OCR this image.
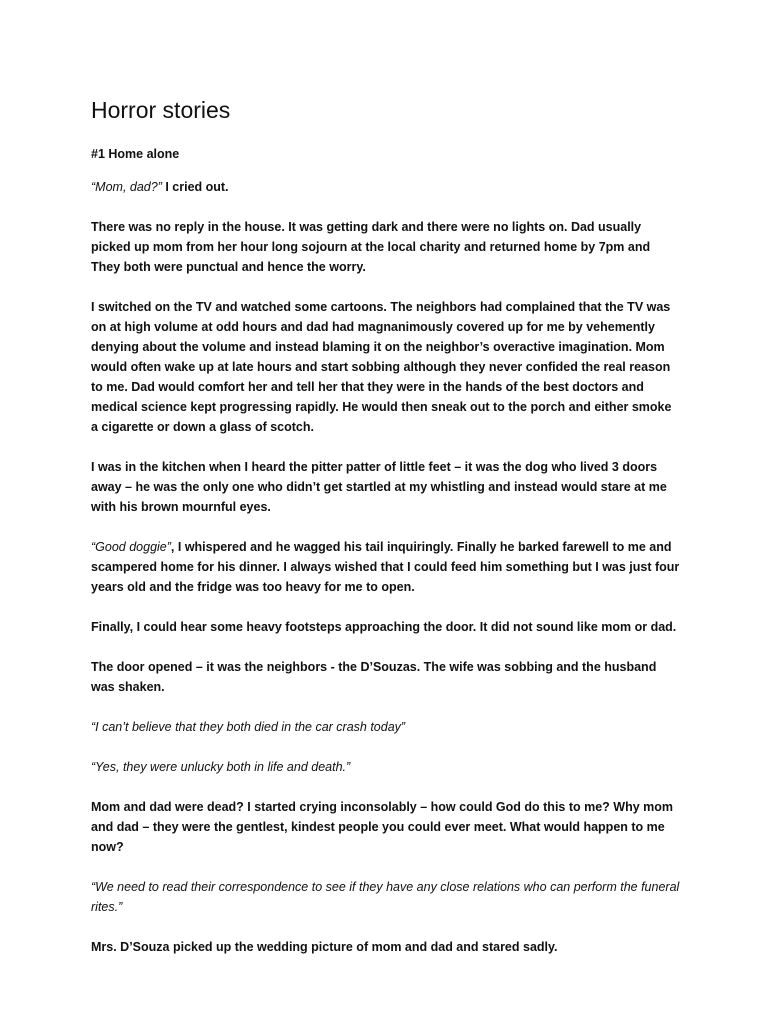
Horror stories
#1 Home alone

“Mom, dad?” I cried out.

There was no reply in the house. It was getting dark and there were no lights on. Dad usually picked up mom from her hour long sojourn at the local charity and returned home by 7pm and They both were punctual and hence the worry.

I switched on the TV and watched some cartoons. The neighbors had complained that the TV was on at high volume at odd hours and dad had magnanimously covered up for me by vehemently denying about the volume and instead blaming it on the neighbor’s overactive imagination. Mom would often wake up at late hours and start sobbing although they never confided the real reason to me. Dad would comfort her and tell her that they were in the hands of the best doctors and medical science kept progressing rapidly. He would then sneak out to the porch and either smoke a cigarette or down a glass of scotch.

I was in the kitchen when I heard the pitter patter of little feet – it was the dog who lived 3 doors away – he was the only one who didn’t get startled at my whistling and instead would stare at me with his brown mournful eyes.

“Good doggie”, I whispered and he wagged his tail inquiringly. Finally he barked farewell to me and scampered home for his dinner. I always wished that I could feed him something but I was just four years old and the fridge was too heavy for me to open.

Finally, I could hear some heavy footsteps approaching the door. It did not sound like mom or dad.

The door opened – it was the neighbors - the D’Souzas. The wife was sobbing and the husband was shaken.

“I can’t believe that they both died in the car crash today”

“Yes, they were unlucky both in life and death.”

Mom and dad were dead? I started crying inconsolably – how could God do this to me? Why mom and dad – they were the gentlest, kindest people you could ever meet. What would happen to me now?

“We need to read their correspondence to see if they have any close relations who can perform the funeral rites.”

Mrs. D’Souza picked up the wedding picture of mom and dad and stared sadly.
